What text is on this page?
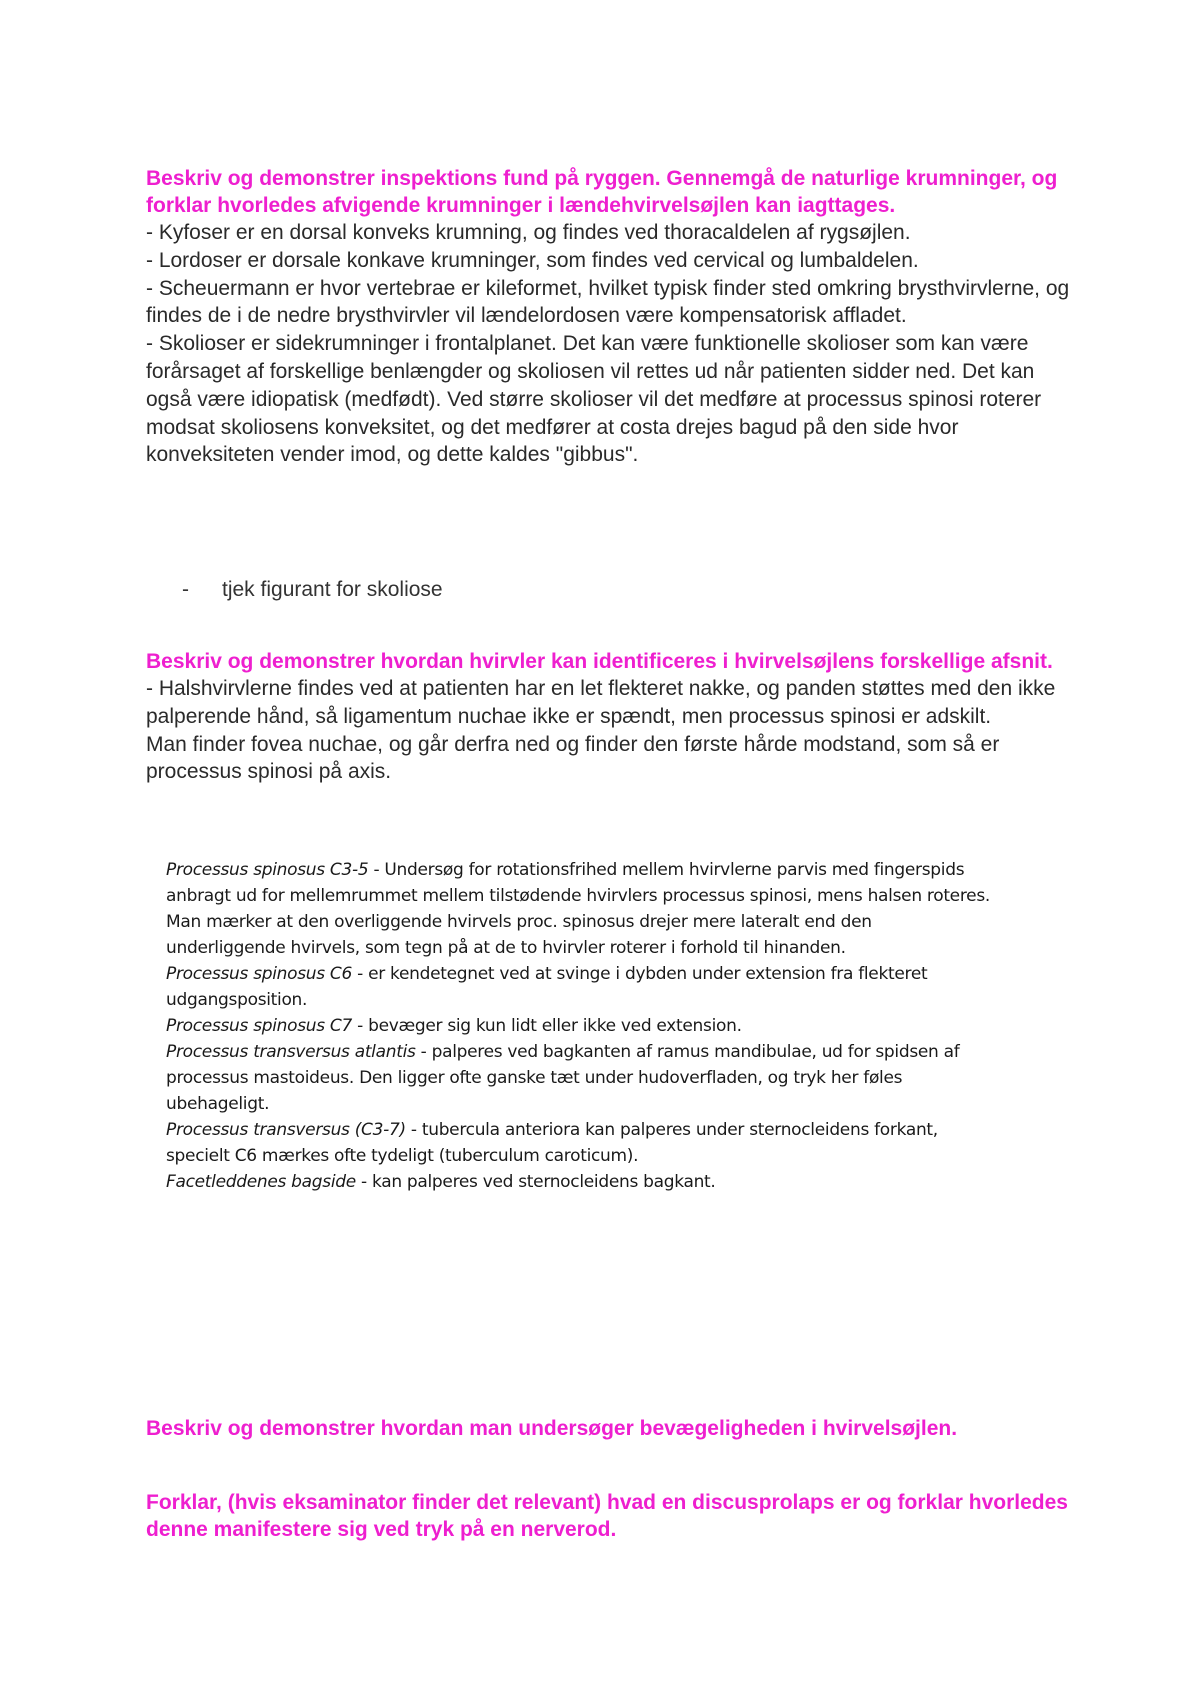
Beskriv og demonstrer inspektions fund på ryggen. Gennemgå de naturlige krumninger, og forklar hvorledes afvigende krumninger i lændehvirvelsøjlen kan iagttages.

- Kyfoser er en dorsal konveks krumning, og findes ved thoracaldelen af rygsøjlen.

- Lordoser er dorsale konkave krumninger, som findes ved cervical og lumbaldelen.

- Scheuermann er hvor vertebrae er kileformet, hvilket typisk finder sted omkring brysthvirvlerne, og findes de i de nedre brysthvirvler vil lændelordosen være kompensatorisk affladet.

- Skolioser er sidekrumninger i frontalplanet. Det kan være funktionelle skolioser som kan være forårsaget af forskellige benlængder og skoliosen vil rettes ud når patienten sidder ned. Det kan også være idiopatisk (medfødt). Ved større skolioser vil det medføre at processus spinosi roterer modsat skoliosens konveksitet, og det medfører at costa drejes bagud på den side hvor konveksiteten vender imod, og dette kaldes "gibbus".

- tjek figurant for skoliose

Beskriv og demonstrer hvordan hvirvler kan identificeres i hvirvelsøjlens forskellige afsnit.

- Halshvirvlerne findes ved at patienten har en let flekteret nakke, og panden støttes med den ikke palperende hånd, så ligamentum nuchae ikke er spændt, men processus spinosi er adskilt.

Man finder fovea nuchae, og går derfra ned og finder den første hårde modstand, som så er processus spinosi på axis.

Processus spinosus C3-5 - Undersøg for rotationsfrihed mellem hvirvlerne parvis med fingerspids anbragt ud for mellemrummet mellem tilstødende hvirvlers processus spinosi, mens halsen roteres. Man mærker at den overliggende hvirvels proc. spinosus drejer mere lateralt end den underliggende hvirvels, som tegn på at de to hvirvler roterer i forhold til hinanden.

Processus spinosus C6 - er kendetegnet ved at svinge i dybden under extension fra flekteret udgangsposition.

Processus spinosus C7 - bevæger sig kun lidt eller ikke ved extension.

Processus transversus atlantis - palperes ved bagkanten af ramus mandibulae, ud for spidsen af processus mastoideus. Den ligger ofte ganske tæt under hudoverfladen, og tryk her føles ubehageligt.

Processus transversus (C3-7) - tubercula anteriora kan palperes under sternocleidens forkant, specielt C6 mærkes ofte tydeligt (tuberculum caroticum).

Facetleddenes bagside - kan palperes ved sternocleidens bagkant.

Beskriv og demonstrer hvordan man undersøger bevægeligheden i hvirvelsøjlen.

Forklar, (hvis eksaminator finder det relevant) hvad en discusprolaps er og forklar hvorledes denne manifestere sig ved tryk på en nerverod.
